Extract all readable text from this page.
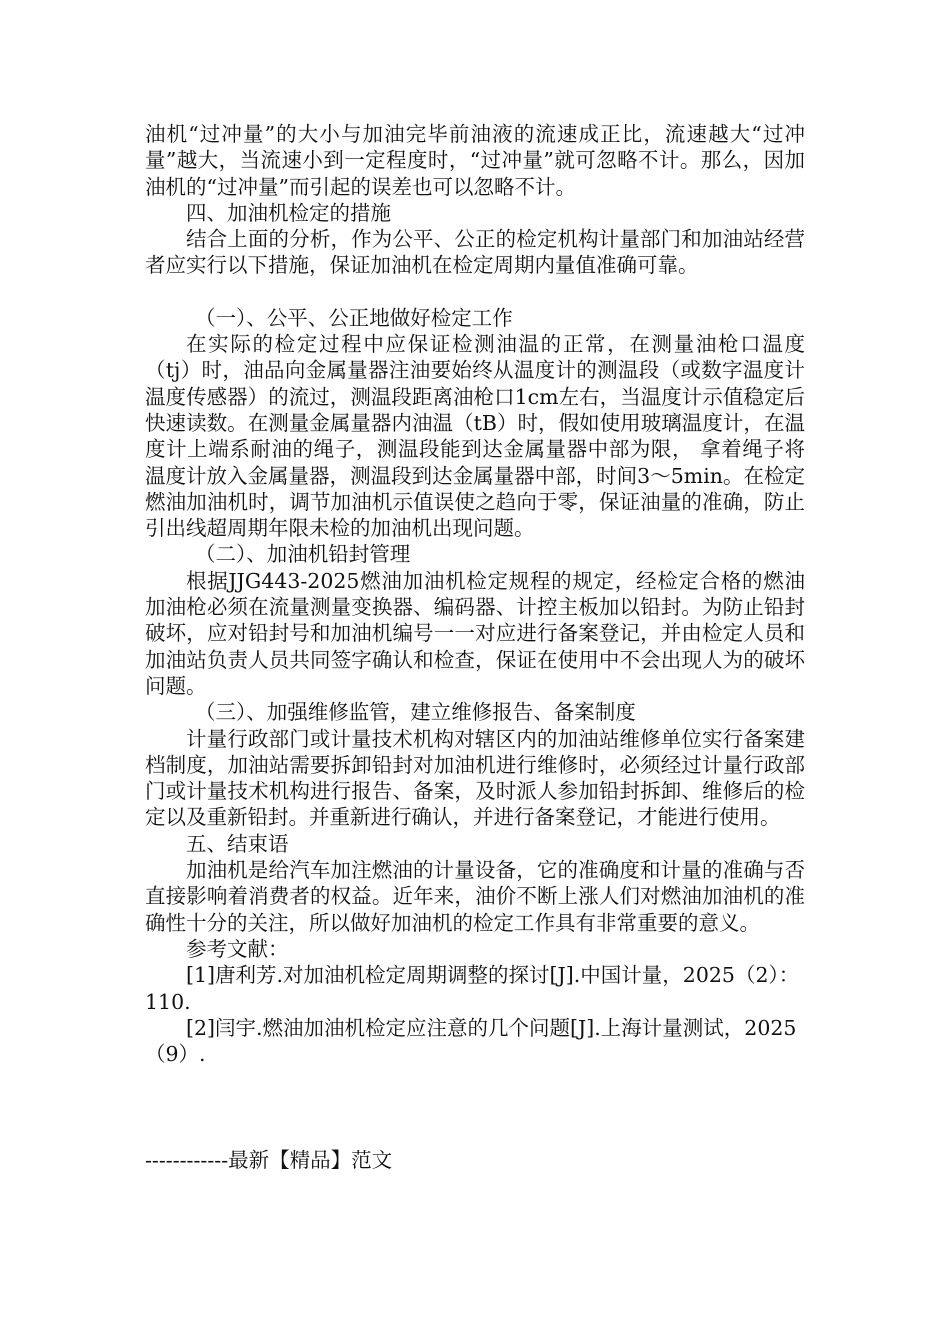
油机“过冲量”的大小与加油完毕前油液的流速成正比，流速越大“过冲量”越大，当流速小到一定程度时，“过冲量”就可忽略不计。那么，因加油机的“过冲量”而引起的误差也可以忽略不计。

四、加油机检定的措施

结合上面的分析，作为公平、公正的检定机构计量部门和加油站经营者应实行以下措施，保证加油机在检定周期内量值准确可靠。

（一）、公平、公正地做好检定工作

在实际的检定过程中应保证检测油温的正常，在测量油枪口温度（tj）时，油品向金属量器注油要始终从温度计的测温段（或数字温度计温度传感器）的流过，测温段距离油枪口1cm左右，当温度计示值稳定后快速读数。在测量金属量器内油温（tB）时，假如使用玻璃温度计，在温度计上端系耐油的绳子，测温段能到达金属量器中部为限， 拿着绳子将温度计放入金属量器，测温段到达金属量器中部，时间3～5min。在检定燃油加油机时，调节加油机示值误使之趋向于零，保证油量的准确，防止引出线超周期年限未检的加油机出现问题。

（二）、加油机铅封管理

根据JJG443-2025燃油加油机检定规程的规定，经检定合格的燃油加油枪必须在流量测量变换器、编码器、计控主板加以铅封。为防止铅封破坏，应对铅封号和加油机编号一一对应进行备案登记，并由检定人员和加油站负责人员共同签字确认和检查，保证在使用中不会出现人为的破坏问题。

（三）、加强维修监管，建立维修报告、备案制度

计量行政部门或计量技术机构对辖区内的加油站维修单位实行备案建档制度，加油站需要拆卸铅封对加油机进行维修时，必须经过计量行政部门或计量技术机构进行报告、备案，及时派人参加铅封拆卸、维修后的检定以及重新铅封。并重新进行确认，并进行备案登记，才能进行使用。

五、结束语

加油机是给汽车加注燃油的计量设备，它的准确度和计量的准确与否直接影响着消费者的权益。近年来，油价不断上涨人们对燃油加油机的准确性十分的关注，所以做好加油机的检定工作具有非常重要的意义。

参考文献：

[1]唐利芳.对加油机检定周期调整的探讨[J].中国计量，2025（2）：110.

[2]闫宇.燃油加油机检定应注意的几个问题[J].上海计量测试，2025（9）.

------------最新【精品】范文
